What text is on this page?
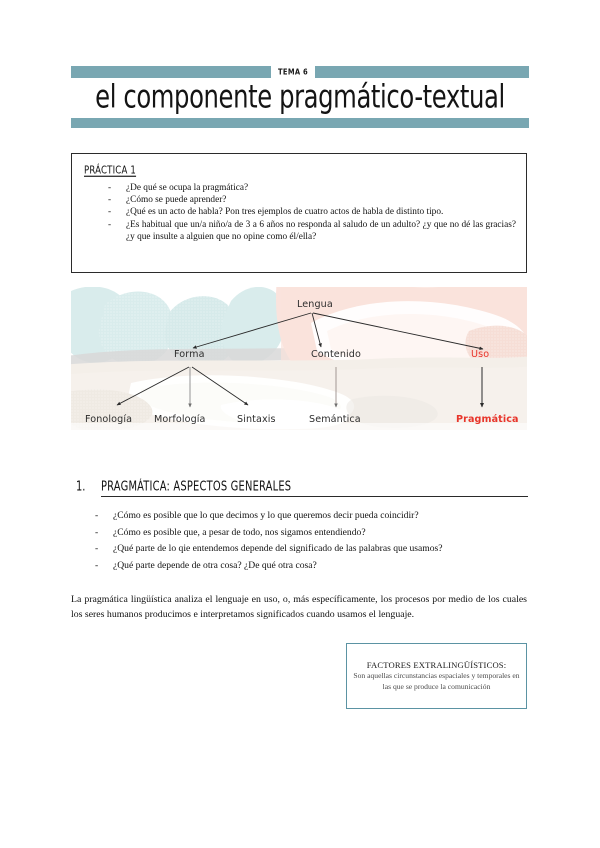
TEMA 6
el componente pragmático-textual
PRÁCTICA 1
- ¿De qué se ocupa la pragmática?
- ¿Cómo se puede aprender?
- ¿Qué es un acto de habla? Pon tres ejemplos de cuatro actos de habla de distinto tipo.
- ¿Es habitual que un/a niño/a de 3 a 6 años no responda al saludo de un adulto? ¿y que no dé las gracias? ¿y que insulte a alguien que no opine como él/ella?
Lengua
Forma	Contenido	Uso
Fonología Morfología	Sintaxis	Semántica	Pragmática
1. PRAGMÁTICA: ASPECTOS GENERALES
- ¿Cómo es posible que lo que decimos y lo que queremos decir pueda coincidir?
- ¿Cómo es posible que, a pesar de todo, nos sigamos entendiendo?
- ¿Qué parte de lo qie entendemos depende del significado de las palabras que usamos?
- ¿Qué parte depende de otra cosa? ¿De qué otra cosa?

La pragmática lingüística analiza el lenguaje en uso, o, más específicamente, los procesos por medio de los cuales los seres humanos producimos e interpretamos significados cuando usamos el lenguaje.

FACTORES EXTRALINGÜÍSTICOS:
Son aquellas circunstancias espaciales y temporales en las que se produce la comunicación
